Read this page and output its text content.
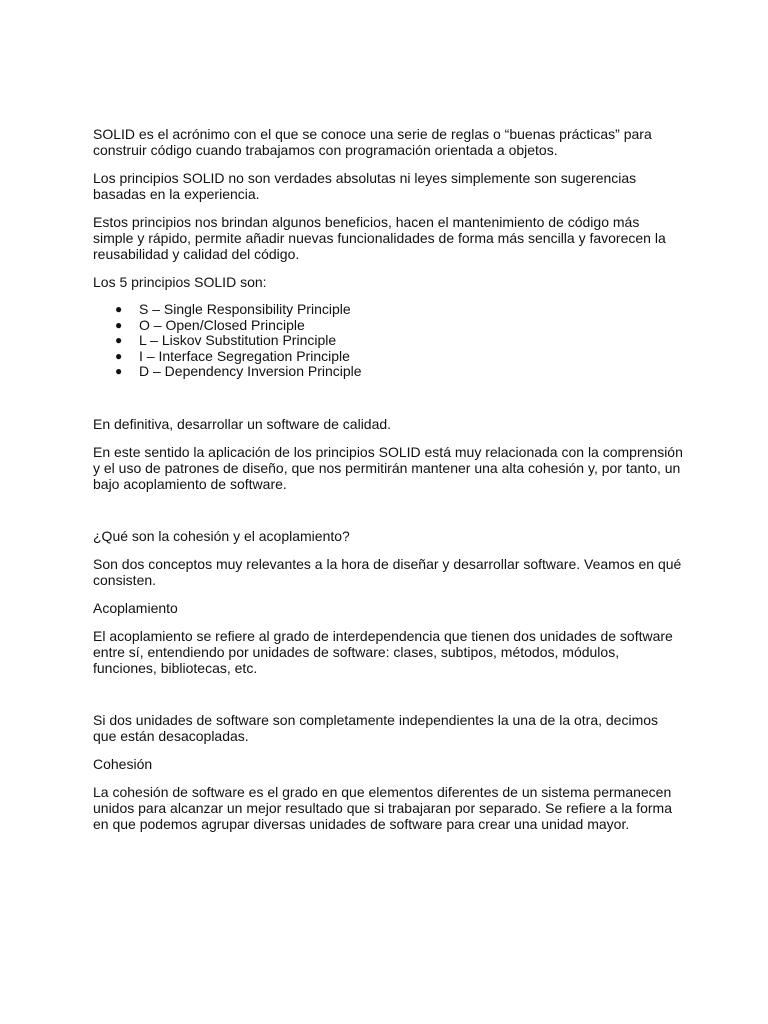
SOLID es el acrónimo con el que se conoce una serie de reglas o “buenas prácticas” para construir código cuando trabajamos con programación orientada a objetos.

Los principios SOLID no son verdades absolutas ni leyes simplemente son sugerencias basadas en la experiencia.

Estos principios nos brindan algunos beneficios, hacen el mantenimiento de código más simple y rápido, permite añadir nuevas funcionalidades de forma más sencilla y favorecen la reusabilidad y calidad del código.

Los 5 principios SOLID son:

● S – Single Responsibility Principle
● O – Open/Closed Principle
● L – Liskov Substitution Principle
● I – Interface Segregation Principle
● D – Dependency Inversion Principle

En definitiva, desarrollar un software de calidad.

En este sentido la aplicación de los principios SOLID está muy relacionada con la comprensión y el uso de patrones de diseño, que nos permitirán mantener una alta cohesión y, por tanto, un bajo acoplamiento de software.

¿Qué son la cohesión y el acoplamiento?

Son dos conceptos muy relevantes a la hora de diseñar y desarrollar software. Veamos en qué consisten.

Acoplamiento

El acoplamiento se refiere al grado de interdependencia que tienen dos unidades de software entre sí, entendiendo por unidades de software: clases, subtipos, métodos, módulos, funciones, bibliotecas, etc.

Si dos unidades de software son completamente independientes la una de la otra, decimos que están desacopladas.

Cohesión

La cohesión de software es el grado en que elementos diferentes de un sistema permanecen unidos para alcanzar un mejor resultado que si trabajaran por separado. Se refiere a la forma en que podemos agrupar diversas unidades de software para crear una unidad mayor.
